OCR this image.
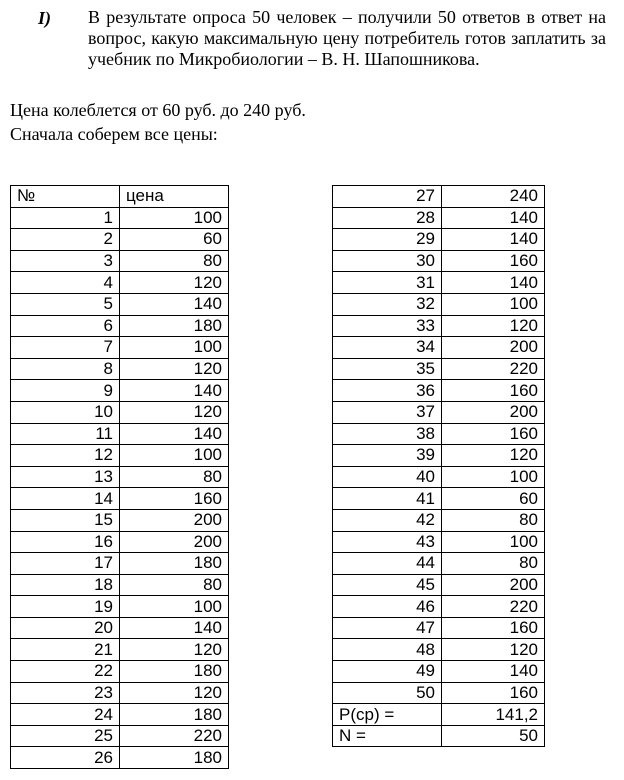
I) В результате опроса 50 человек – получили 50 ответов в ответ на вопрос, какую максимальную цену потребитель готов заплатить за учебник по Микробиологии – В. Н. Шапошникова.
Цена колеблется от 60 руб. до 240 руб.
Сначала соберем все цены:
№	цена
1	100
2	60
3	80
4	120
5	140
6	180
7	100
8	120
9	140
10	120
11	140
12	100
13	80
14	160
15	200
16	200
17	180
18	80
19	100
20	140
21	120
22	180
23	120
24	180
25	220
26	180
27	240
28	140
29	140
30	160
31	140
32	100
33	120
34	200
35	220
36	160
37	200
38	160
39	120
40	100
41	60
42	80
43	100
44	80
45	200
46	220
47	160
48	120
49	140
50	160
P(ср) =	141,2
N =	50
